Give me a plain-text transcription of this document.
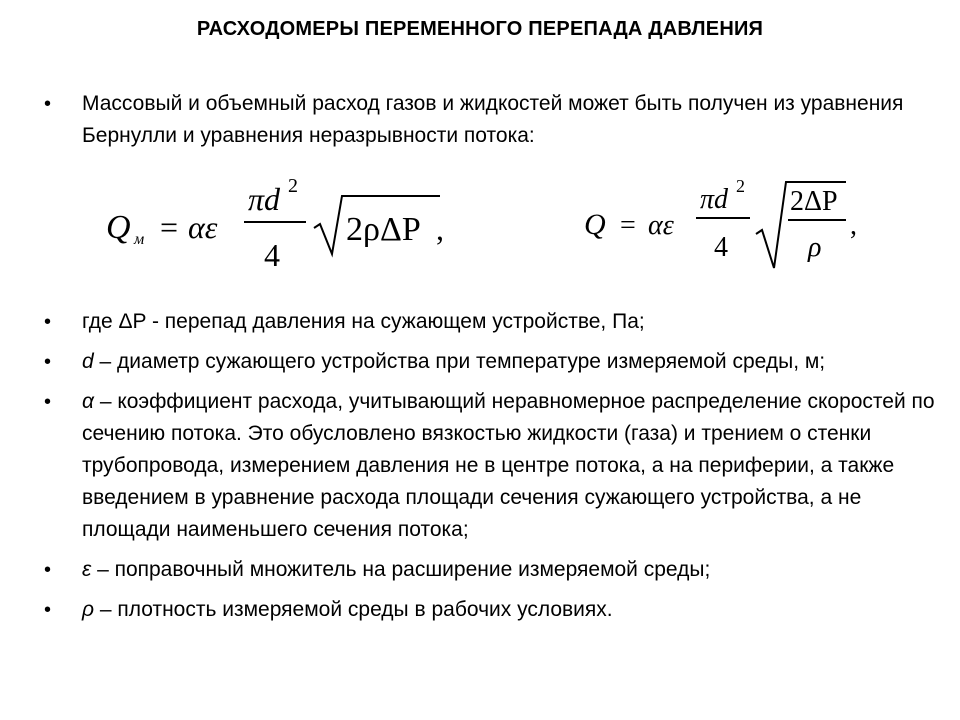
РАСХОДОМЕРЫ ПЕРЕМЕННОГО ПЕРЕПАДА ДАВЛЕНИЯ
•	Массовый и объемный расход газов и жидкостей может быть получен из уравнения Бернулли и уравнения неразрывности потока:
Q м = αε
πd 2
4
2ρΔP ,	Q = αε
πd 2
4
2ΔP
ρ
,
•	где ΔP - перепад давления на сужающем устройстве, Па;
•	d – диаметр сужающего устройства при температуре измеряемой среды, м;
•	α – коэффициент расхода, учитывающий неравномерное распределение скоростей по сечению потока. Это обусловлено вязкостью жидкости (газа) и трением о стенки трубопровода, измерением давления не в центре потока, а на периферии, а также введением в уравнение расхода площади сечения сужающего устройства, а не площади наименьшего сечения потока;
•	ε – поправочный множитель на расширение измеряемой среды;
•	ρ – плотность измеряемой среды в рабочих условиях.
